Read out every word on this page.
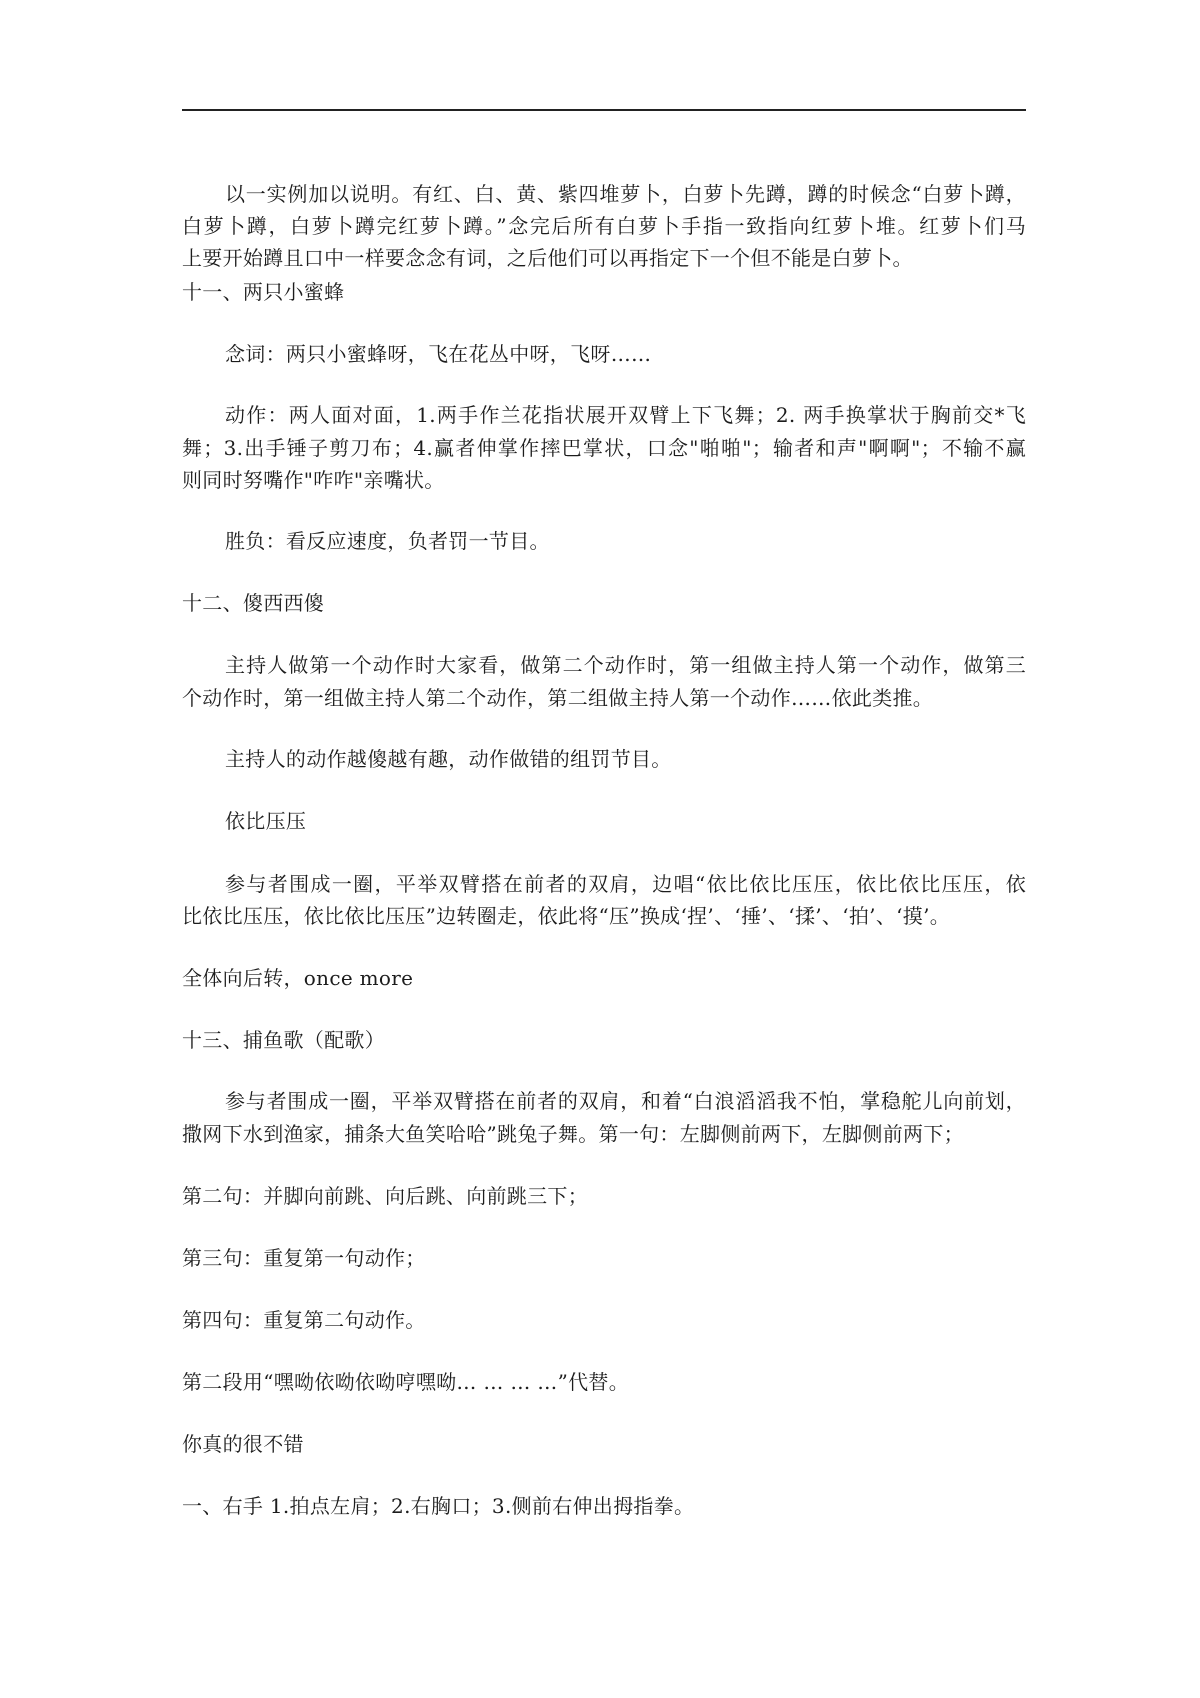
以一实例加以说明。有红、白、黄、紫四堆萝卜，白萝卜先蹲，蹲的时候念“白萝卜蹲，
白萝卜蹲，白萝卜蹲完红萝卜蹲。”念完后所有白萝卜手指一致指向红萝卜堆。红萝卜们马
上要开始蹲且口中一样要念念有词，之后他们可以再指定下一个但不能是白萝卜。
十一、两只小蜜蜂
念词：两只小蜜蜂呀，飞在花丛中呀，飞呀……
动作：两人面对面，1.两手作兰花指状展开双臂上下飞舞；2. 两手换掌状于胸前交*飞
舞；3.出手锤子剪刀布；4.赢者伸掌作摔巴掌状，口念"啪啪"；输者和声"啊啊"；不输不赢
则同时努嘴作"咋咋"亲嘴状。
胜负：看反应速度，负者罚一节目。
十二、傻西西傻
主持人做第一个动作时大家看，做第二个动作时，第一组做主持人第一个动作，做第三
个动作时，第一组做主持人第二个动作，第二组做主持人第一个动作……依此类推。
主持人的动作越傻越有趣，动作做错的组罚节目。
依比压压
参与者围成一圈，平举双臂搭在前者的双肩，边唱“依比依比压压，依比依比压压，依
比依比压压，依比依比压压”边转圈走，依此将“压”换成‘捏’、‘捶’、‘揉’、‘拍’、‘摸’。
全体向后转，once more
十三、捕鱼歌（配歌）
参与者围成一圈，平举双臂搭在前者的双肩，和着“白浪滔滔我不怕，掌稳舵儿向前划，
撒网下水到渔家，捕条大鱼笑哈哈”跳兔子舞。第一句：左脚侧前两下，左脚侧前两下；
第二句：并脚向前跳、向后跳、向前跳三下；
第三句：重复第一句动作；
第四句：重复第二句动作。
第二段用“嘿呦依呦依呦哼嘿呦… … … …”代替。
你真的很不错
一、右手 1.拍点左肩；2.右胸口；3.侧前右伸出拇指拳。
